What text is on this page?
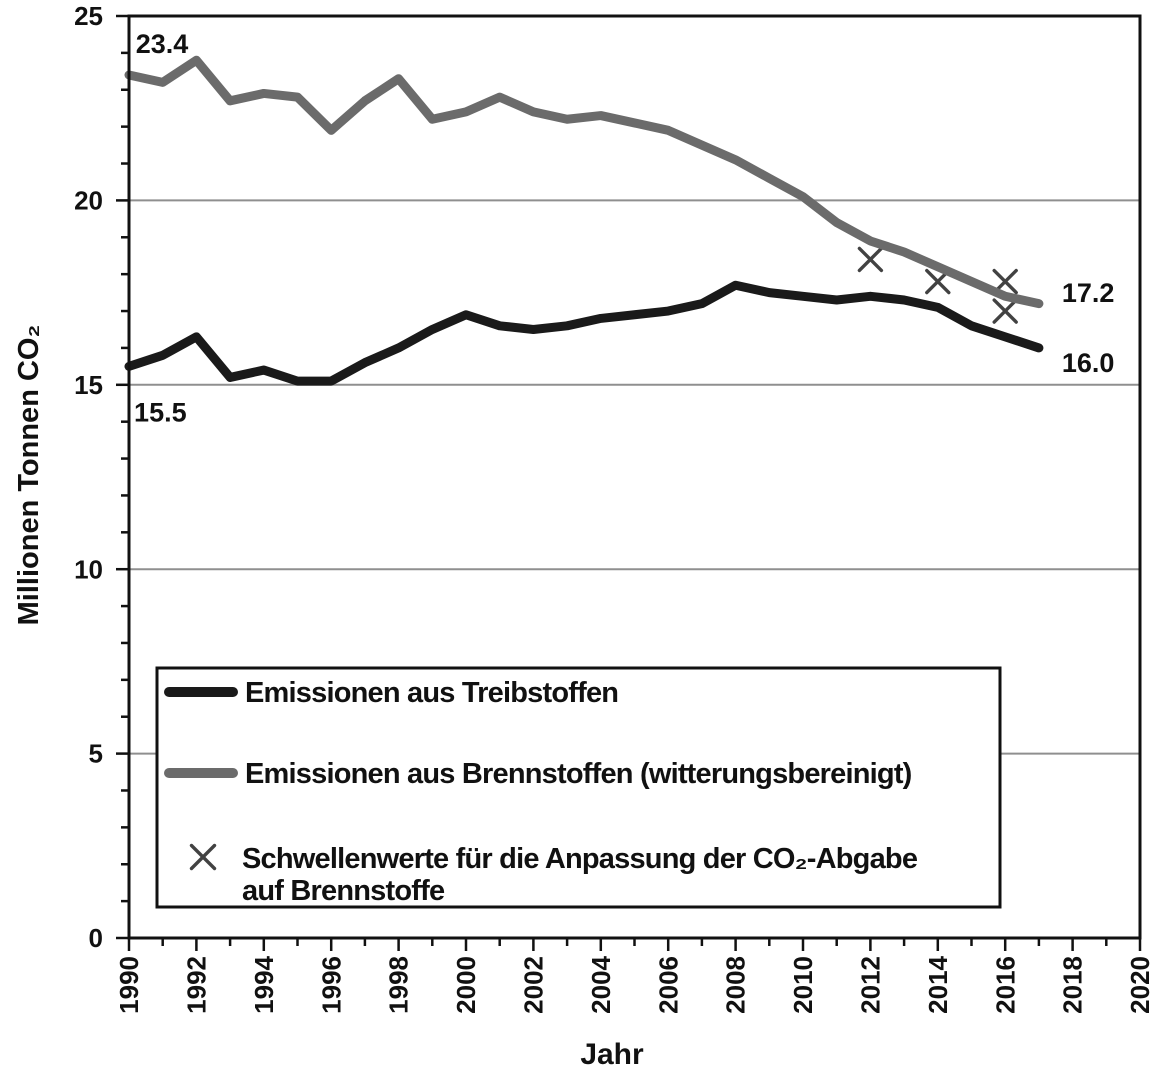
1990 1992 1994 1996 1998 2000 2002 2004 2006 2008 2010 2012 2014 2016 2018 2020
0
5
10
15
20
25
Jahr
Millionen Tonnen CO₂
23.4
15.5
17.2
16.0
Emissionen aus Treibstoffen
Emissionen aus Brennstoffen (witterungsbereinigt)
Schwellenwerte für die Anpassung der CO₂-Abgabe
auf Brennstoffe
